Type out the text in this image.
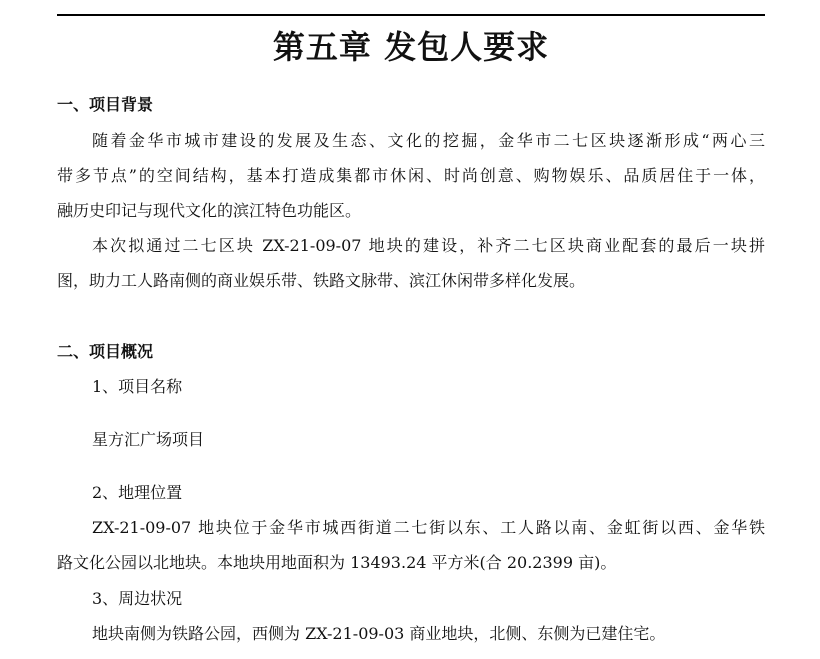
第五章 发包人要求
一、项目背景
随着金华市城市建设的发展及生态、文化的挖掘，金华市二七区块逐渐形成“两心三
带多节点”的空间结构，基本打造成集都市休闲、时尚创意、购物娱乐、品质居住于一体，
融历史印记与现代文化的滨江特色功能区。
本次拟通过二七区块 ZX-21-09-07 地块的建设，补齐二七区块商业配套的最后一块拼
图，助力工人路南侧的商业娱乐带、铁路文脉带、滨江休闲带多样化发展。
二、项目概况
1、项目名称
星方汇广场项目
2、地理位置
ZX-21-09-07 地块位于金华市城西街道二七街以东、工人路以南、金虹街以西、金华铁
路文化公园以北地块。本地块用地面积为 13493.24 平方米(合 20.2399 亩)。
3、周边状况
地块南侧为铁路公园，西侧为 ZX-21-09-03 商业地块，北侧、东侧为已建住宅。
